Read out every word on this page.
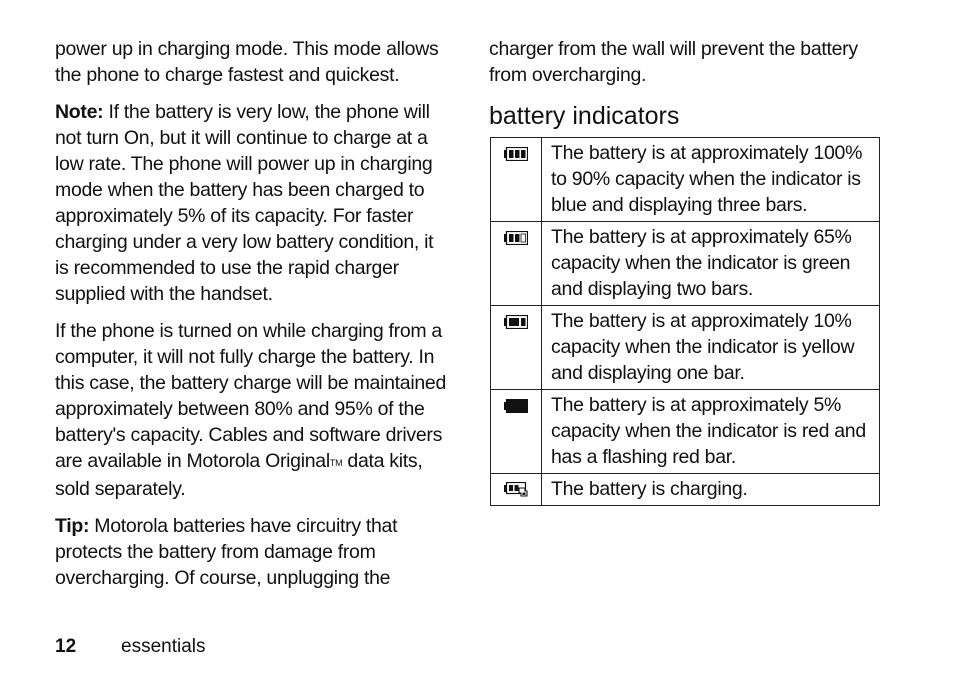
power up in charging mode. This mode allows the phone to charge fastest and quickest.

Note: If the battery is very low, the phone will not turn On, but it will continue to charge at a low rate. The phone will power up in charging mode when the battery has been charged to approximately 5% of its capacity. For faster charging under a very low battery condition, it is recommended to use the rapid charger supplied with the handset.

If the phone is turned on while charging from a computer, it will not fully charge the battery. In this case, the battery charge will be maintained approximately between 80% and 95% of the battery's capacity. Cables and software drivers are available in Motorola OriginalTM data kits, sold separately.

Tip: Motorola batteries have circuitry that protects the battery from damage from overcharging. Of course, unplugging the

charger from the wall will prevent the battery from overcharging.

battery indicators
	The battery is at approximately 100% to 90% capacity when the indicator is blue and displaying three bars.
	The battery is at approximately 65% capacity when the indicator is green and displaying two bars.
	The battery is at approximately 10% capacity when the indicator is yellow and displaying one bar.
	The battery is at approximately 5% capacity when the indicator is red and has a flashing red bar.
	The battery is charging.
12 essentials
